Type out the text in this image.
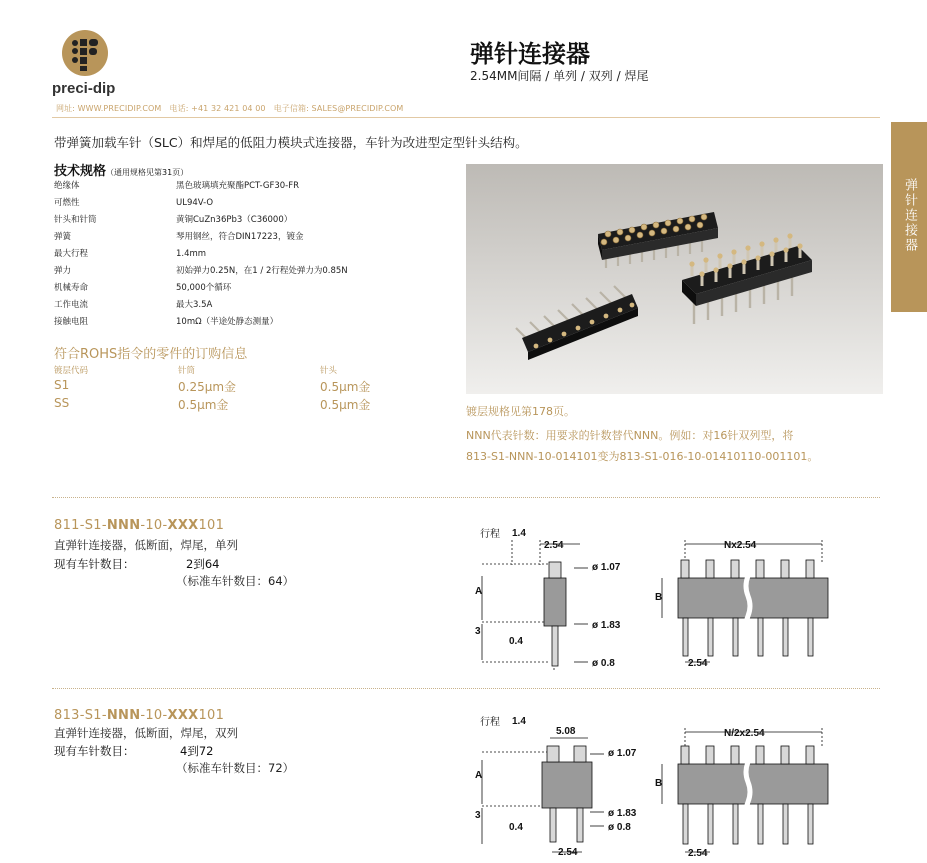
preci-dip
网址: WWW.PRECIDIP.COM　电话: +41 32 421 04 00　电子信箱: SALES@PRECIDIP.COM
弹针连接器
2.54MM间隔 / 单列 / 双列 / 焊尾
弹针连接器
带弹簧加载车针（SLC）和焊尾的低阻力模块式连接器，车针为改进型定型针头结构。
技术规格（通用规格见第31页）
绝缘体	黑色玻璃填充聚酯PCT-GF30-FR
可燃性	UL94V-O
针头和针筒	黄铜CuZn36Pb3（C36000）
弹簧	琴用钢丝，符合DIN17223，镀金
最大行程	1.4mm
弹力	初始弹力0.25N，在1 / 2行程处弹力为0.85N
机械寿命	50,000个循环
工作电流	最大3.5A
接触电阻	10mΩ（半途处静态测量）
符合ROHS指令的零件的订购信息
镀层代码	针筒	针头
S1	0.25μm金	0.5μm金
SS	0.5μm金	0.5μm金	镀层规格见第178页。
NNN代表针数：用要求的针数替代NNN。例如：对16针双列型，将
813-S1-NNN-10-014101变为813-S1-016-10-01410110-001101。
811-S1-NNN-10-XXX101
直弹针连接器，低断面，焊尾，单列
现有车针数目：	2到64
（标准车针数目：64）
行程 1.4
2.54
ø 1.07
ø 1.83
ø 0.8
A
3
0.4
Nx2.54
B
2.54
813-S1-NNN-10-XXX101
直弹针连接器，低断面，焊尾，双列
现有车针数目：	4到72
（标准车针数目：72）
行程 1.4
5.08
ø 1.07
ø 1.83
ø 0.8
A
3
0.4
2.54
N/2x2.54
B
2.54
